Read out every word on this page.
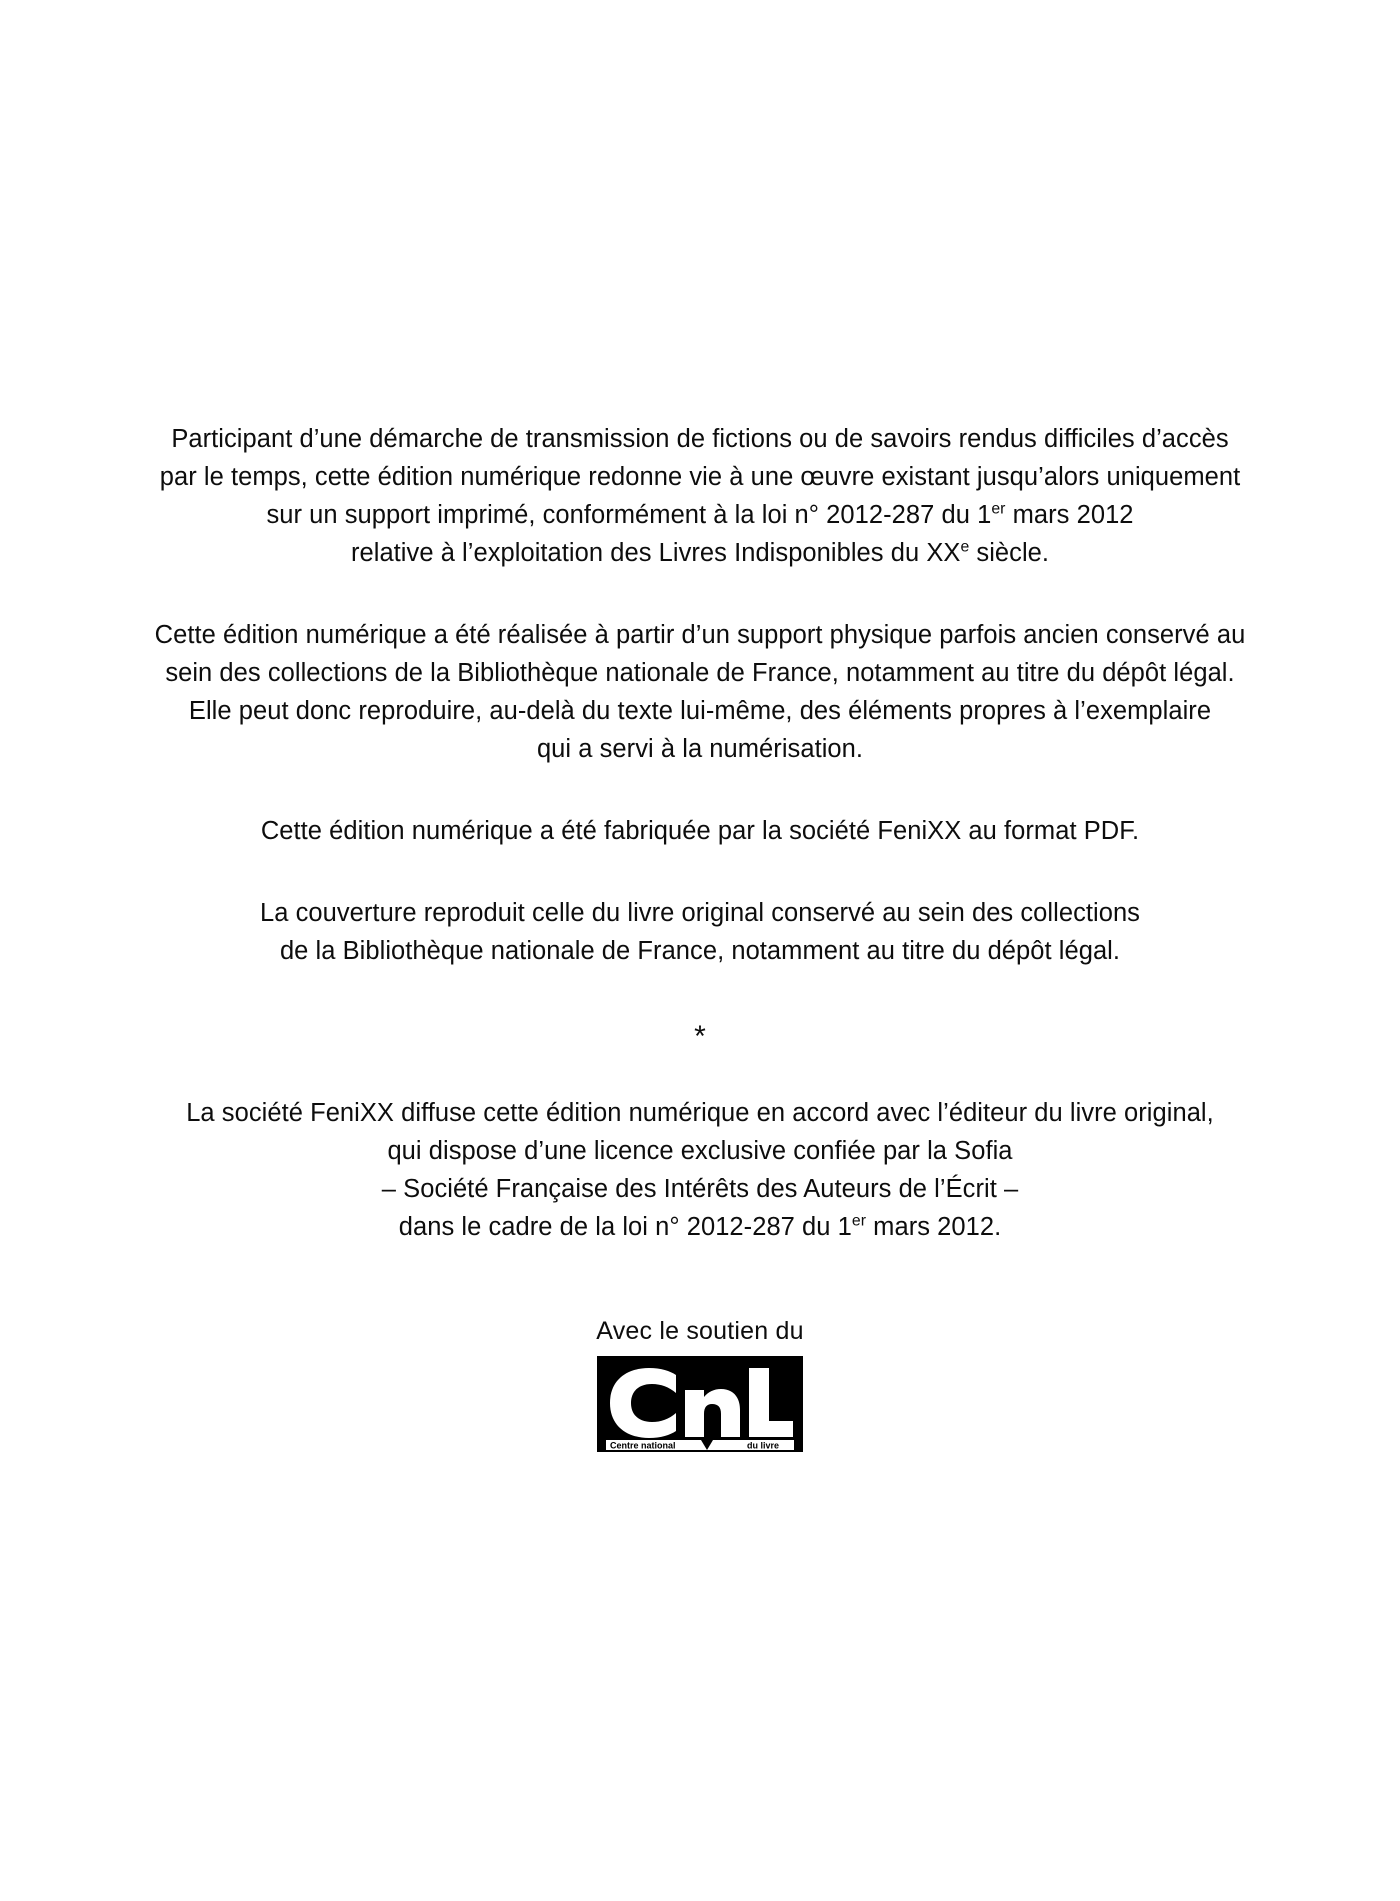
Participant d’une démarche de transmission de fictions ou de savoirs rendus difficiles d’accès
par le temps, cette édition numérique redonne vie à une œuvre existant jusqu’alors uniquement
sur un support imprimé, conformément à la loi n° 2012-287 du 1er mars 2012
relative à l’exploitation des Livres Indisponibles du XXe siècle.
Cette édition numérique a été réalisée à partir d’un support physique parfois ancien conservé au
sein des collections de la Bibliothèque nationale de France, notamment au titre du dépôt légal.
Elle peut donc reproduire, au-delà du texte lui-même, des éléments propres à l’exemplaire
qui a servi à la numérisation.
Cette édition numérique a été fabriquée par la société FeniXX au format PDF.
La couverture reproduit celle du livre original conservé au sein des collections
de la Bibliothèque nationale de France, notamment au titre du dépôt légal.
*
La société FeniXX diffuse cette édition numérique en accord avec l’éditeur du livre original,
qui dispose d’une licence exclusive confiée par la Sofia
– Société Française des Intérêts des Auteurs de l’Écrit –
dans le cadre de la loi n° 2012-287 du 1er mars 2012.
Avec le soutien du
Centre national	du livre
